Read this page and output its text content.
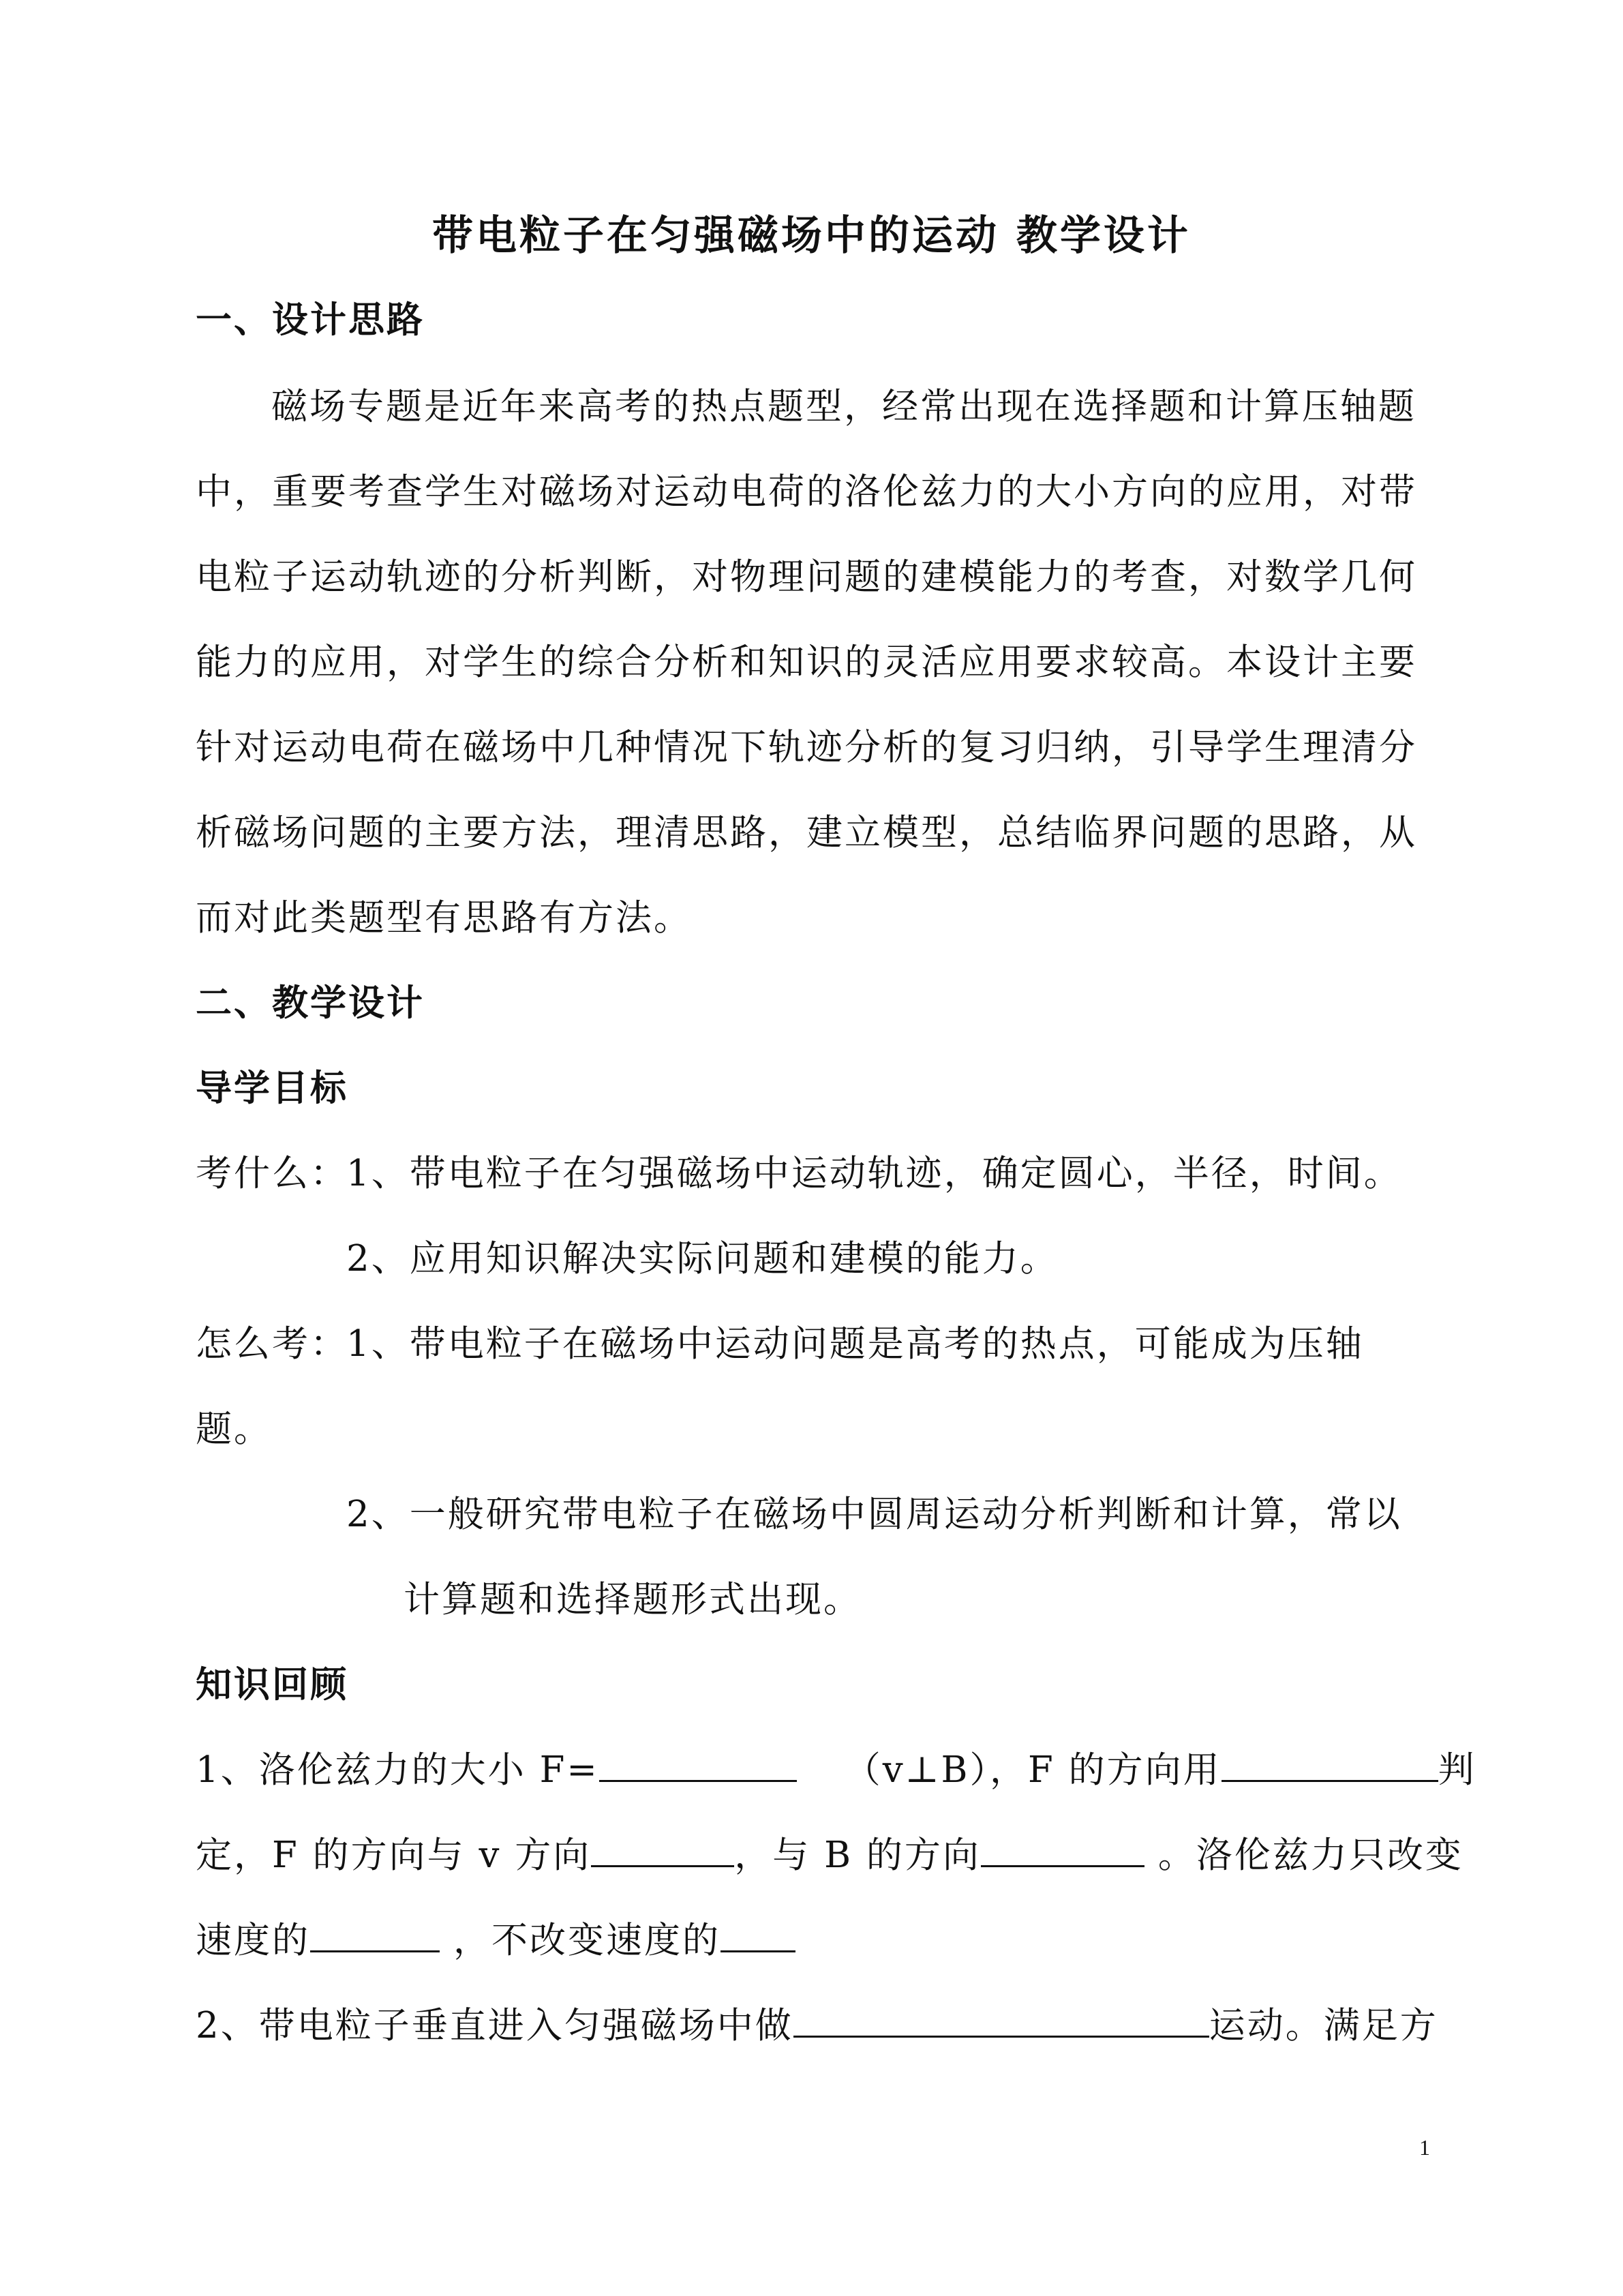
带电粒子在匀强磁场中的运动 教学设计
一、设计思路
磁场专题是近年来高考的热点题型，经常出现在选择题和计算压轴题
中，重要考查学生对磁场对运动电荷的洛伦兹力的大小方向的应用，对带
电粒子运动轨迹的分析判断，对物理问题的建模能力的考查，对数学几何
能力的应用，对学生的综合分析和知识的灵活应用要求较高。本设计主要
针对运动电荷在磁场中几种情况下轨迹分析的复习归纳，引导学生理清分
析磁场问题的主要方法，理清思路，建立模型，总结临界问题的思路，从
而对此类题型有思路有方法。
二、教学设计
导学目标
考什么：
1、带电粒子在匀强磁场中运动轨迹，确定圆心，半径，时间。
2、应用知识解决实际问题和建模的能力。
怎么考：
1、带电粒子在磁场中运动问题是高考的热点，可能成为压轴
题。
2、一般研究带电粒子在磁场中圆周运动分析判断和计算，常以
计算题和选择题形式出现。
知识回顾
1、洛伦兹力的大小 F=	（v⊥B），F 的方向用	判
定，F 的方向与 v 方向	，与 B 的方向	。洛伦兹力只改变
速度的	，不改变速度的
2、带电粒子垂直进入匀强磁场中做	运动。满足方
1
